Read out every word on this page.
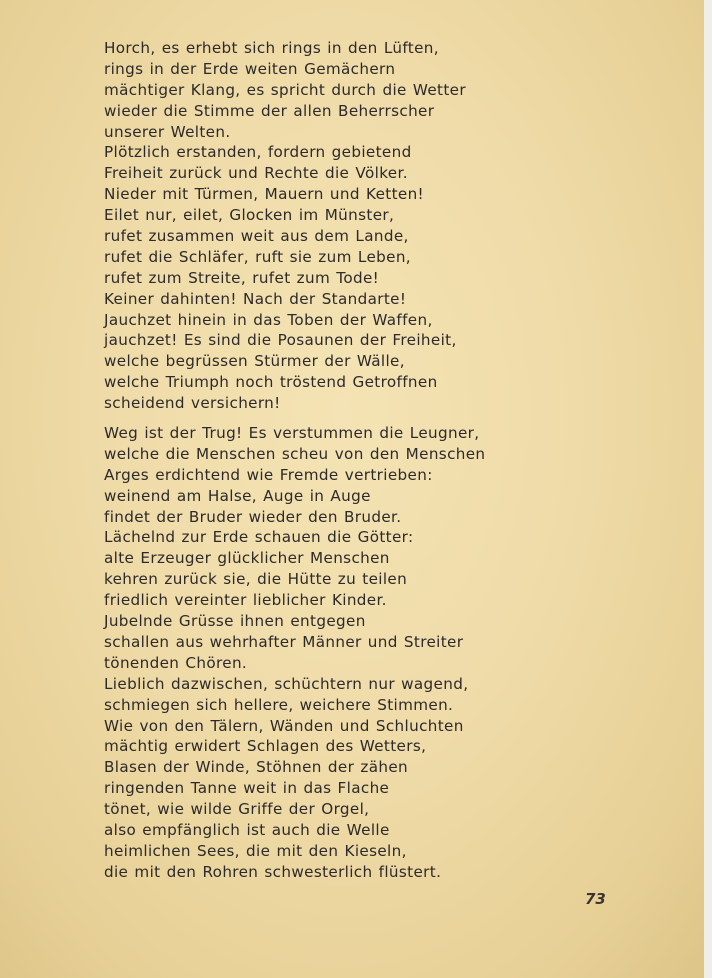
Horch, es erhebt sich rings in den Lüften,
rings in der Erde weiten Gemächern
mächtiger Klang, es spricht durch die Wetter
wieder die Stimme der allen Beherrscher
unserer Welten.
Plötzlich erstanden, fordern gebietend
Freiheit zurück und Rechte die Völker.
Nieder mit Türmen, Mauern und Ketten!
Eilet nur, eilet, Glocken im Münster,
rufet zusammen weit aus dem Lande,
rufet die Schläfer, ruft sie zum Leben,
rufet zum Streite, rufet zum Tode!
Keiner dahinten! Nach der Standarte!
Jauchzet hinein in das Toben der Waffen,
jauchzet! Es sind die Posaunen der Freiheit,
welche begrüssen Stürmer der Wälle,
welche Triumph noch tröstend Getroffnen
scheidend versichern!
Weg ist der Trug! Es verstummen die Leugner,
welche die Menschen scheu von den Menschen
Arges erdichtend wie Fremde vertrieben:
weinend am Halse, Auge in Auge
findet der Bruder wieder den Bruder.
Lächelnd zur Erde schauen die Götter:
alte Erzeuger glücklicher Menschen
kehren zurück sie, die Hütte zu teilen
friedlich vereinter lieblicher Kinder.
Jubelnde Grüsse ihnen entgegen
schallen aus wehrhafter Männer und Streiter
tönenden Chören.
Lieblich dazwischen, schüchtern nur wagend,
schmiegen sich hellere, weichere Stimmen.
Wie von den Tälern, Wänden und Schluchten
mächtig erwidert Schlagen des Wetters,
Blasen der Winde, Stöhnen der zähen
ringenden Tanne weit in das Flache
tönet, wie wilde Griffe der Orgel,
also empfänglich ist auch die Welle
heimlichen Sees, die mit den Kieseln,
die mit den Rohren schwesterlich flüstert.
73
